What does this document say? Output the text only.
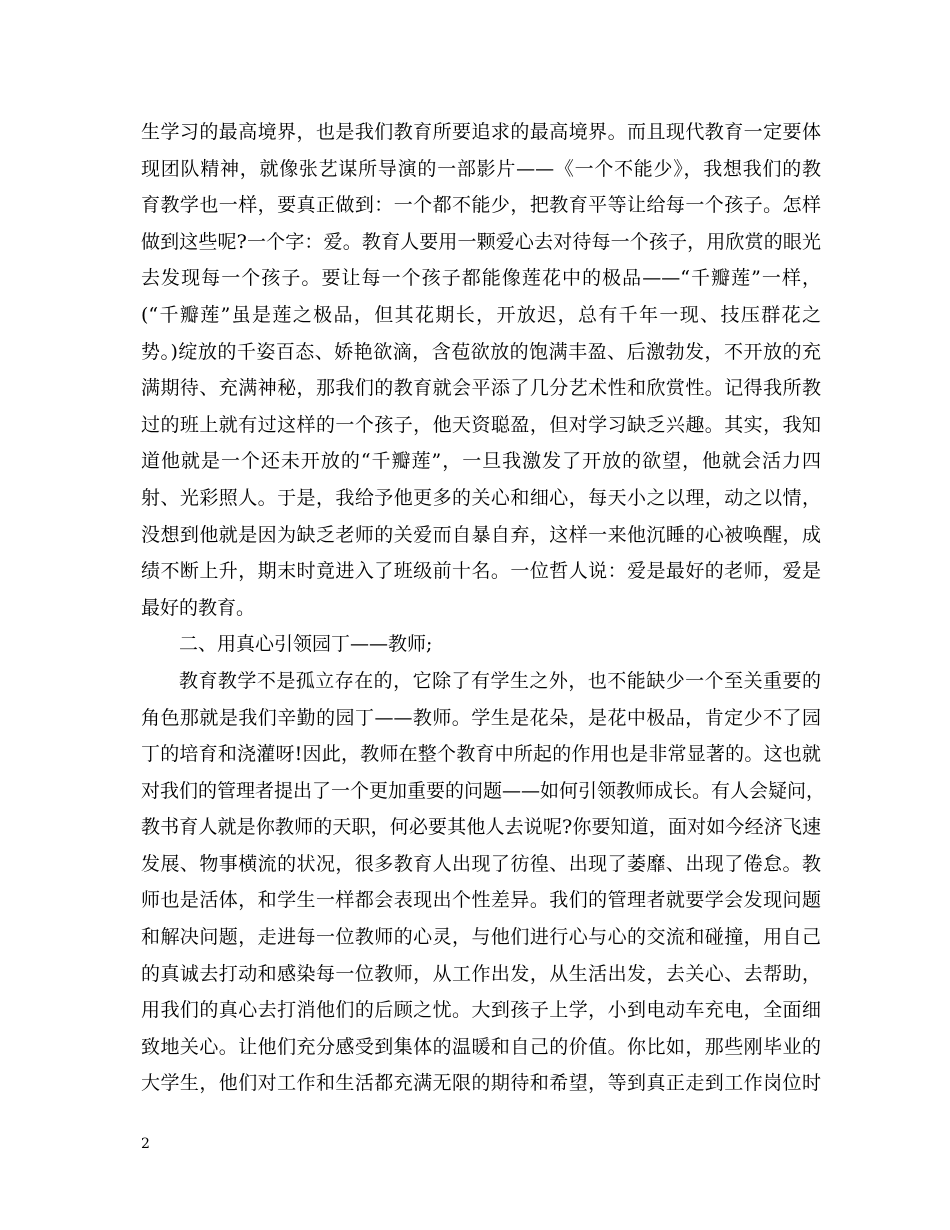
生学习的最高境界，也是我们教育所要追求的最高境界。而且现代教育一定要体
现团队精神，就像张艺谋所导演的一部影片——《一个不能少》，我想我们的教
育教学也一样，要真正做到：一个都不能少，把教育平等让给每一个孩子。怎样
做到这些呢?一个字：爱。教育人要用一颗爱心去对待每一个孩子，用欣赏的眼光
去发现每一个孩子。要让每一个孩子都能像莲花中的极品——“千瓣莲”一样，
(“千瓣莲”虽是莲之极品，但其花期长，开放迟，总有千年一现、技压群花之
势。)绽放的千姿百态、娇艳欲滴，含苞欲放的饱满丰盈、后激勃发，不开放的充
满期待、充满神秘，那我们的教育就会平添了几分艺术性和欣赏性。记得我所教
过的班上就有过这样的一个孩子，他天资聪盈，但对学习缺乏兴趣。其实，我知
道他就是一个还未开放的“千瓣莲”，一旦我激发了开放的欲望，他就会活力四
射、光彩照人。于是，我给予他更多的关心和细心，每天小之以理，动之以情，
没想到他就是因为缺乏老师的关爱而自暴自弃，这样一来他沉睡的心被唤醒，成
绩不断上升，期末时竟进入了班级前十名。一位哲人说：爱是最好的老师，爱是
最好的教育。
二、用真心引领园丁——教师;
教育教学不是孤立存在的，它除了有学生之外，也不能缺少一个至关重要的
角色那就是我们辛勤的园丁——教师。学生是花朵，是花中极品，肯定少不了园
丁的培育和浇灌呀!因此，教师在整个教育中所起的作用也是非常显著的。这也就
对我们的管理者提出了一个更加重要的问题——如何引领教师成长。有人会疑问，
教书育人就是你教师的天职，何必要其他人去说呢?你要知道，面对如今经济飞速
发展、物事横流的状况，很多教育人出现了彷徨、出现了萎靡、出现了倦怠。教
师也是活体，和学生一样都会表现出个性差异。我们的管理者就要学会发现问题
和解决问题，走进每一位教师的心灵，与他们进行心与心的交流和碰撞，用自己
的真诚去打动和感染每一位教师，从工作出发，从生活出发，去关心、去帮助，
用我们的真心去打消他们的后顾之忧。大到孩子上学，小到电动车充电，全面细
致地关心。让他们充分感受到集体的温暖和自己的价值。你比如，那些刚毕业的
大学生，他们对工作和生活都充满无限的期待和希望，等到真正走到工作岗位时
2
